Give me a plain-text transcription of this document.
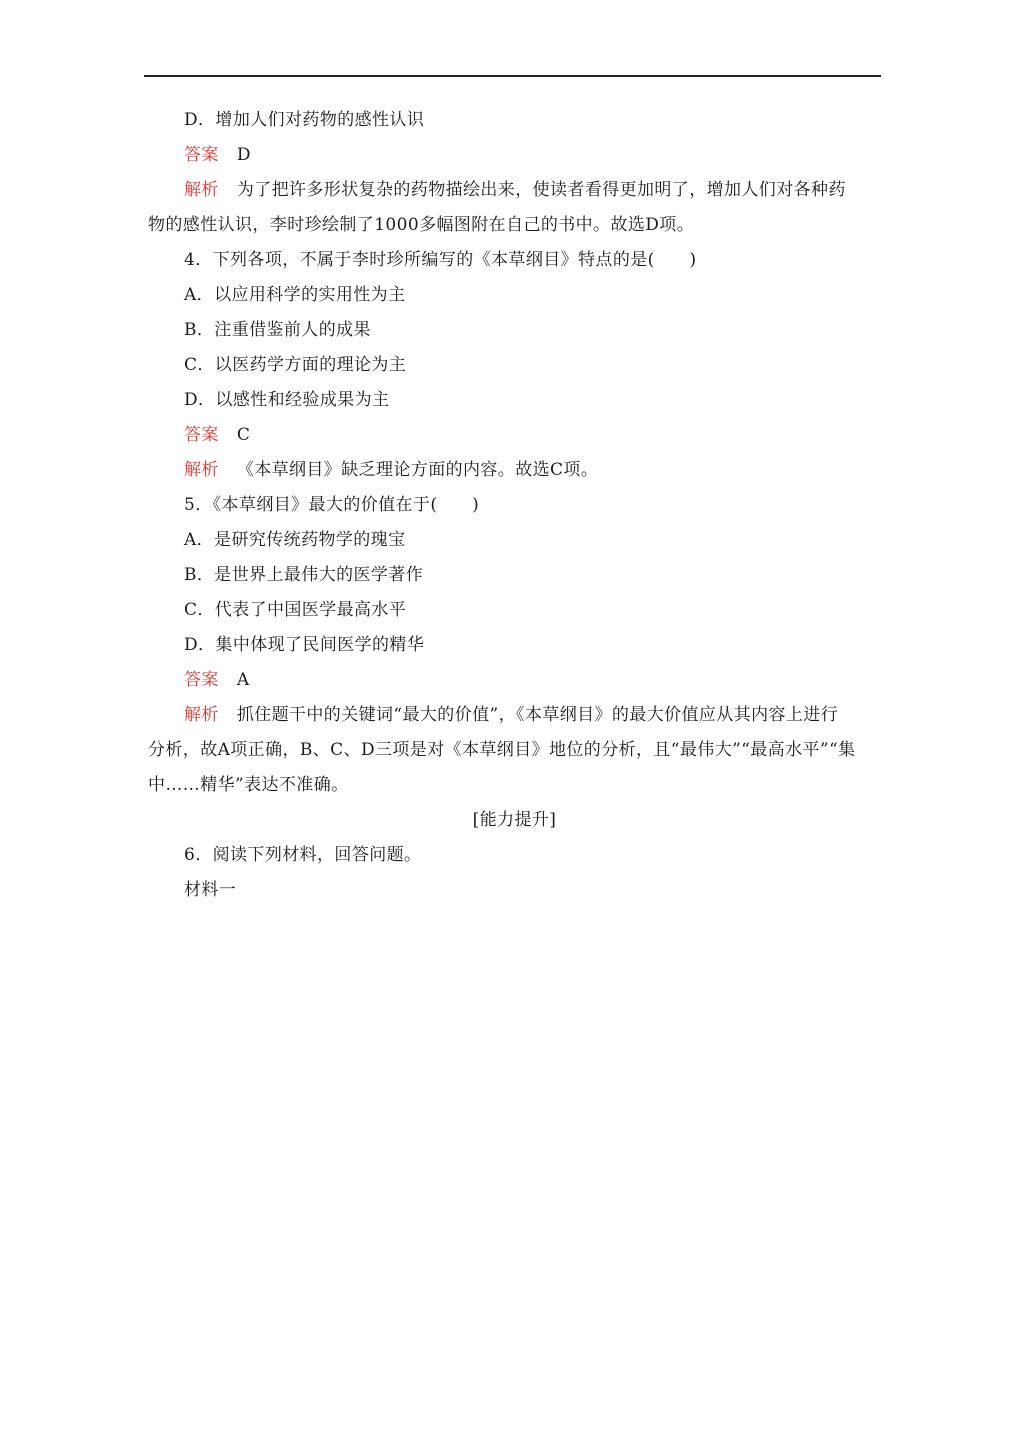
D．增加人们对药物的感性认识
答案 D
解析 为了把许多形状复杂的药物描绘出来，使读者看得更加明了，增加人们对各种药
物的感性认识，李时珍绘制了1000多幅图附在自己的书中。故选D项。
4．下列各项，不属于李时珍所编写的《本草纲目》特点的是(　　)
A．以应用科学的实用性为主
B．注重借鉴前人的成果
C．以医药学方面的理论为主
D．以感性和经验成果为主
答案 C
解析 《本草纲目》缺乏理论方面的内容。故选C项。
5．《本草纲目》最大的价值在于(　　)
A．是研究传统药物学的瑰宝
B．是世界上最伟大的医学著作
C．代表了中国医学最高水平
D．集中体现了民间医学的精华
答案 A
解析 抓住题干中的关键词“最大的价值”，《本草纲目》的最大价值应从其内容上进行
分析，故A项正确，B、C、D三项是对《本草纲目》地位的分析，且“最伟大”“最高水平”“集
中……精华”表达不准确。
[能力提升]
6．阅读下列材料，回答问题。
材料一
